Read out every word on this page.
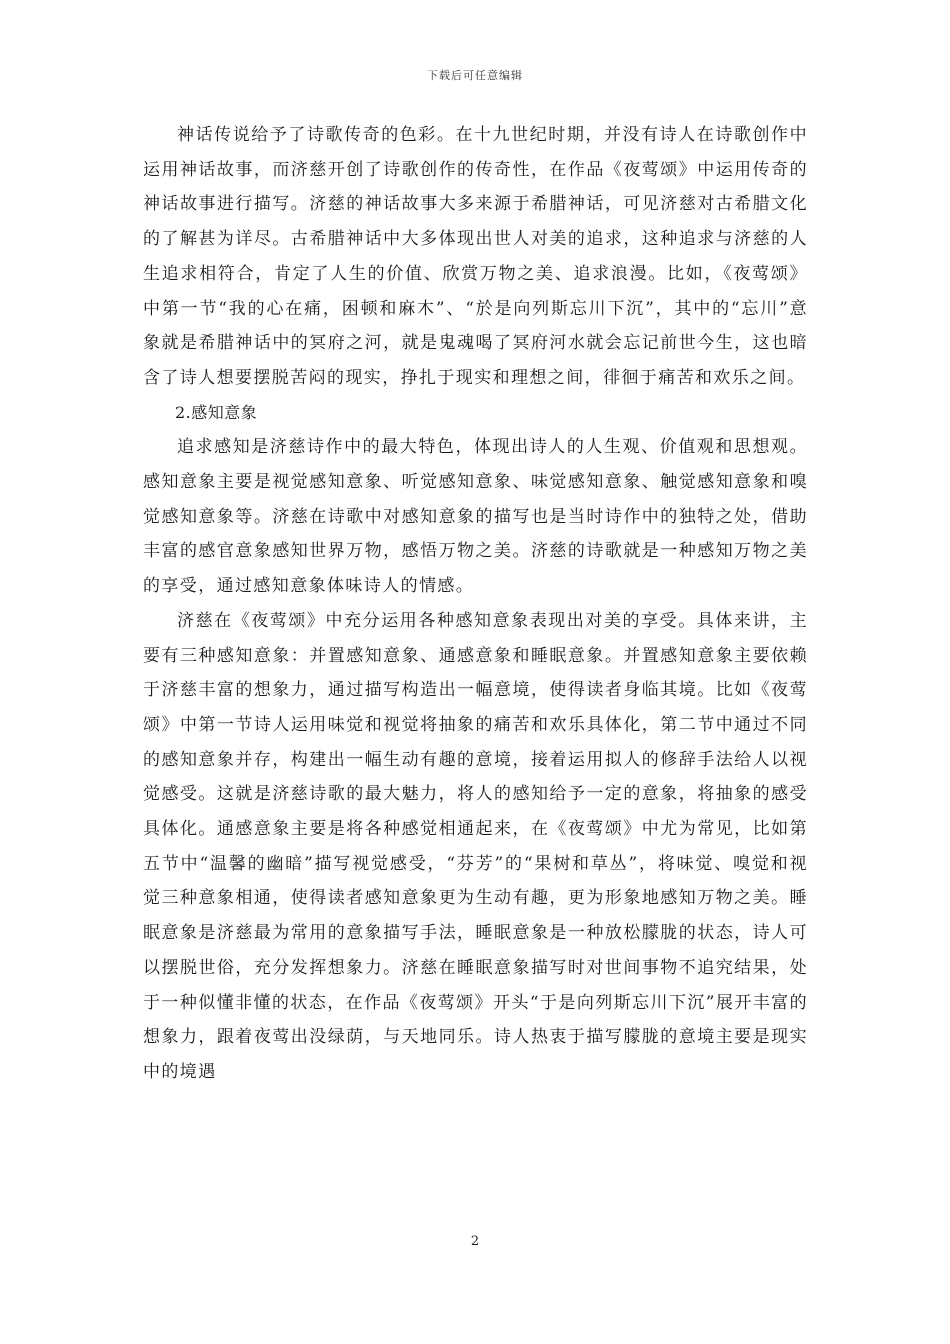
下载后可任意编辑

神话传说给予了诗歌传奇的色彩。在十九世纪时期，并没有诗人在诗歌创作中运用神话故事，而济慈开创了诗歌创作的传奇性，在作品《夜莺颂》中运用传奇的神话故事进行描写。济慈的神话故事大多来源于希腊神话，可见济慈对古希腊文化的了解甚为详尽。古希腊神话中大多体现出世人对美的追求，这种追求与济慈的人生追求相符合，肯定了人生的价值、欣赏万物之美、追求浪漫。比如，《夜莺颂》中第一节“我的心在痛，困顿和麻木”、“於是向列斯忘川下沉”，其中的“忘川”意象就是希腊神话中的冥府之河，就是鬼魂喝了冥府河水就会忘记前世今生，这也暗含了诗人想要摆脱苦闷的现实，挣扎于现实和理想之间，徘徊于痛苦和欢乐之间。

2.感知意象

追求感知是济慈诗作中的最大特色，体现出诗人的人生观、价值观和思想观。感知意象主要是视觉感知意象、听觉感知意象、味觉感知意象、触觉感知意象和嗅觉感知意象等。济慈在诗歌中对感知意象的描写也是当时诗作中的独特之处，借助丰富的感官意象感知世界万物，感悟万物之美。济慈的诗歌就是一种感知万物之美的享受，通过感知意象体味诗人的情感。

济慈在《夜莺颂》中充分运用各种感知意象表现出对美的享受。具体来讲，主要有三种感知意象：并置感知意象、通感意象和睡眠意象。并置感知意象主要依赖于济慈丰富的想象力，通过描写构造出一幅意境，使得读者身临其境。比如《夜莺颂》中第一节诗人运用味觉和视觉将抽象的痛苦和欢乐具体化，第二节中通过不同的感知意象并存，构建出一幅生动有趣的意境，接着运用拟人的修辞手法给人以视觉感受。这就是济慈诗歌的最大魅力，将人的感知给予一定的意象，将抽象的感受具体化。通感意象主要是将各种感觉相通起来，在《夜莺颂》中尤为常见，比如第五节中“温馨的幽暗”描写视觉感受，“芬芳”的“果树和草丛”，将味觉、嗅觉和视觉三种意象相通，使得读者感知意象更为生动有趣，更为形象地感知万物之美。睡眠意象是济慈最为常用的意象描写手法，睡眠意象是一种放松朦胧的状态，诗人可以摆脱世俗，充分发挥想象力。济慈在睡眠意象描写时对世间事物不追究结果，处于一种似懂非懂的状态，在作品《夜莺颂》开头“于是向列斯忘川下沉”展开丰富的想象力，跟着夜莺出没绿荫，与天地同乐。诗人热衷于描写朦胧的意境主要是现实中的境遇

2
